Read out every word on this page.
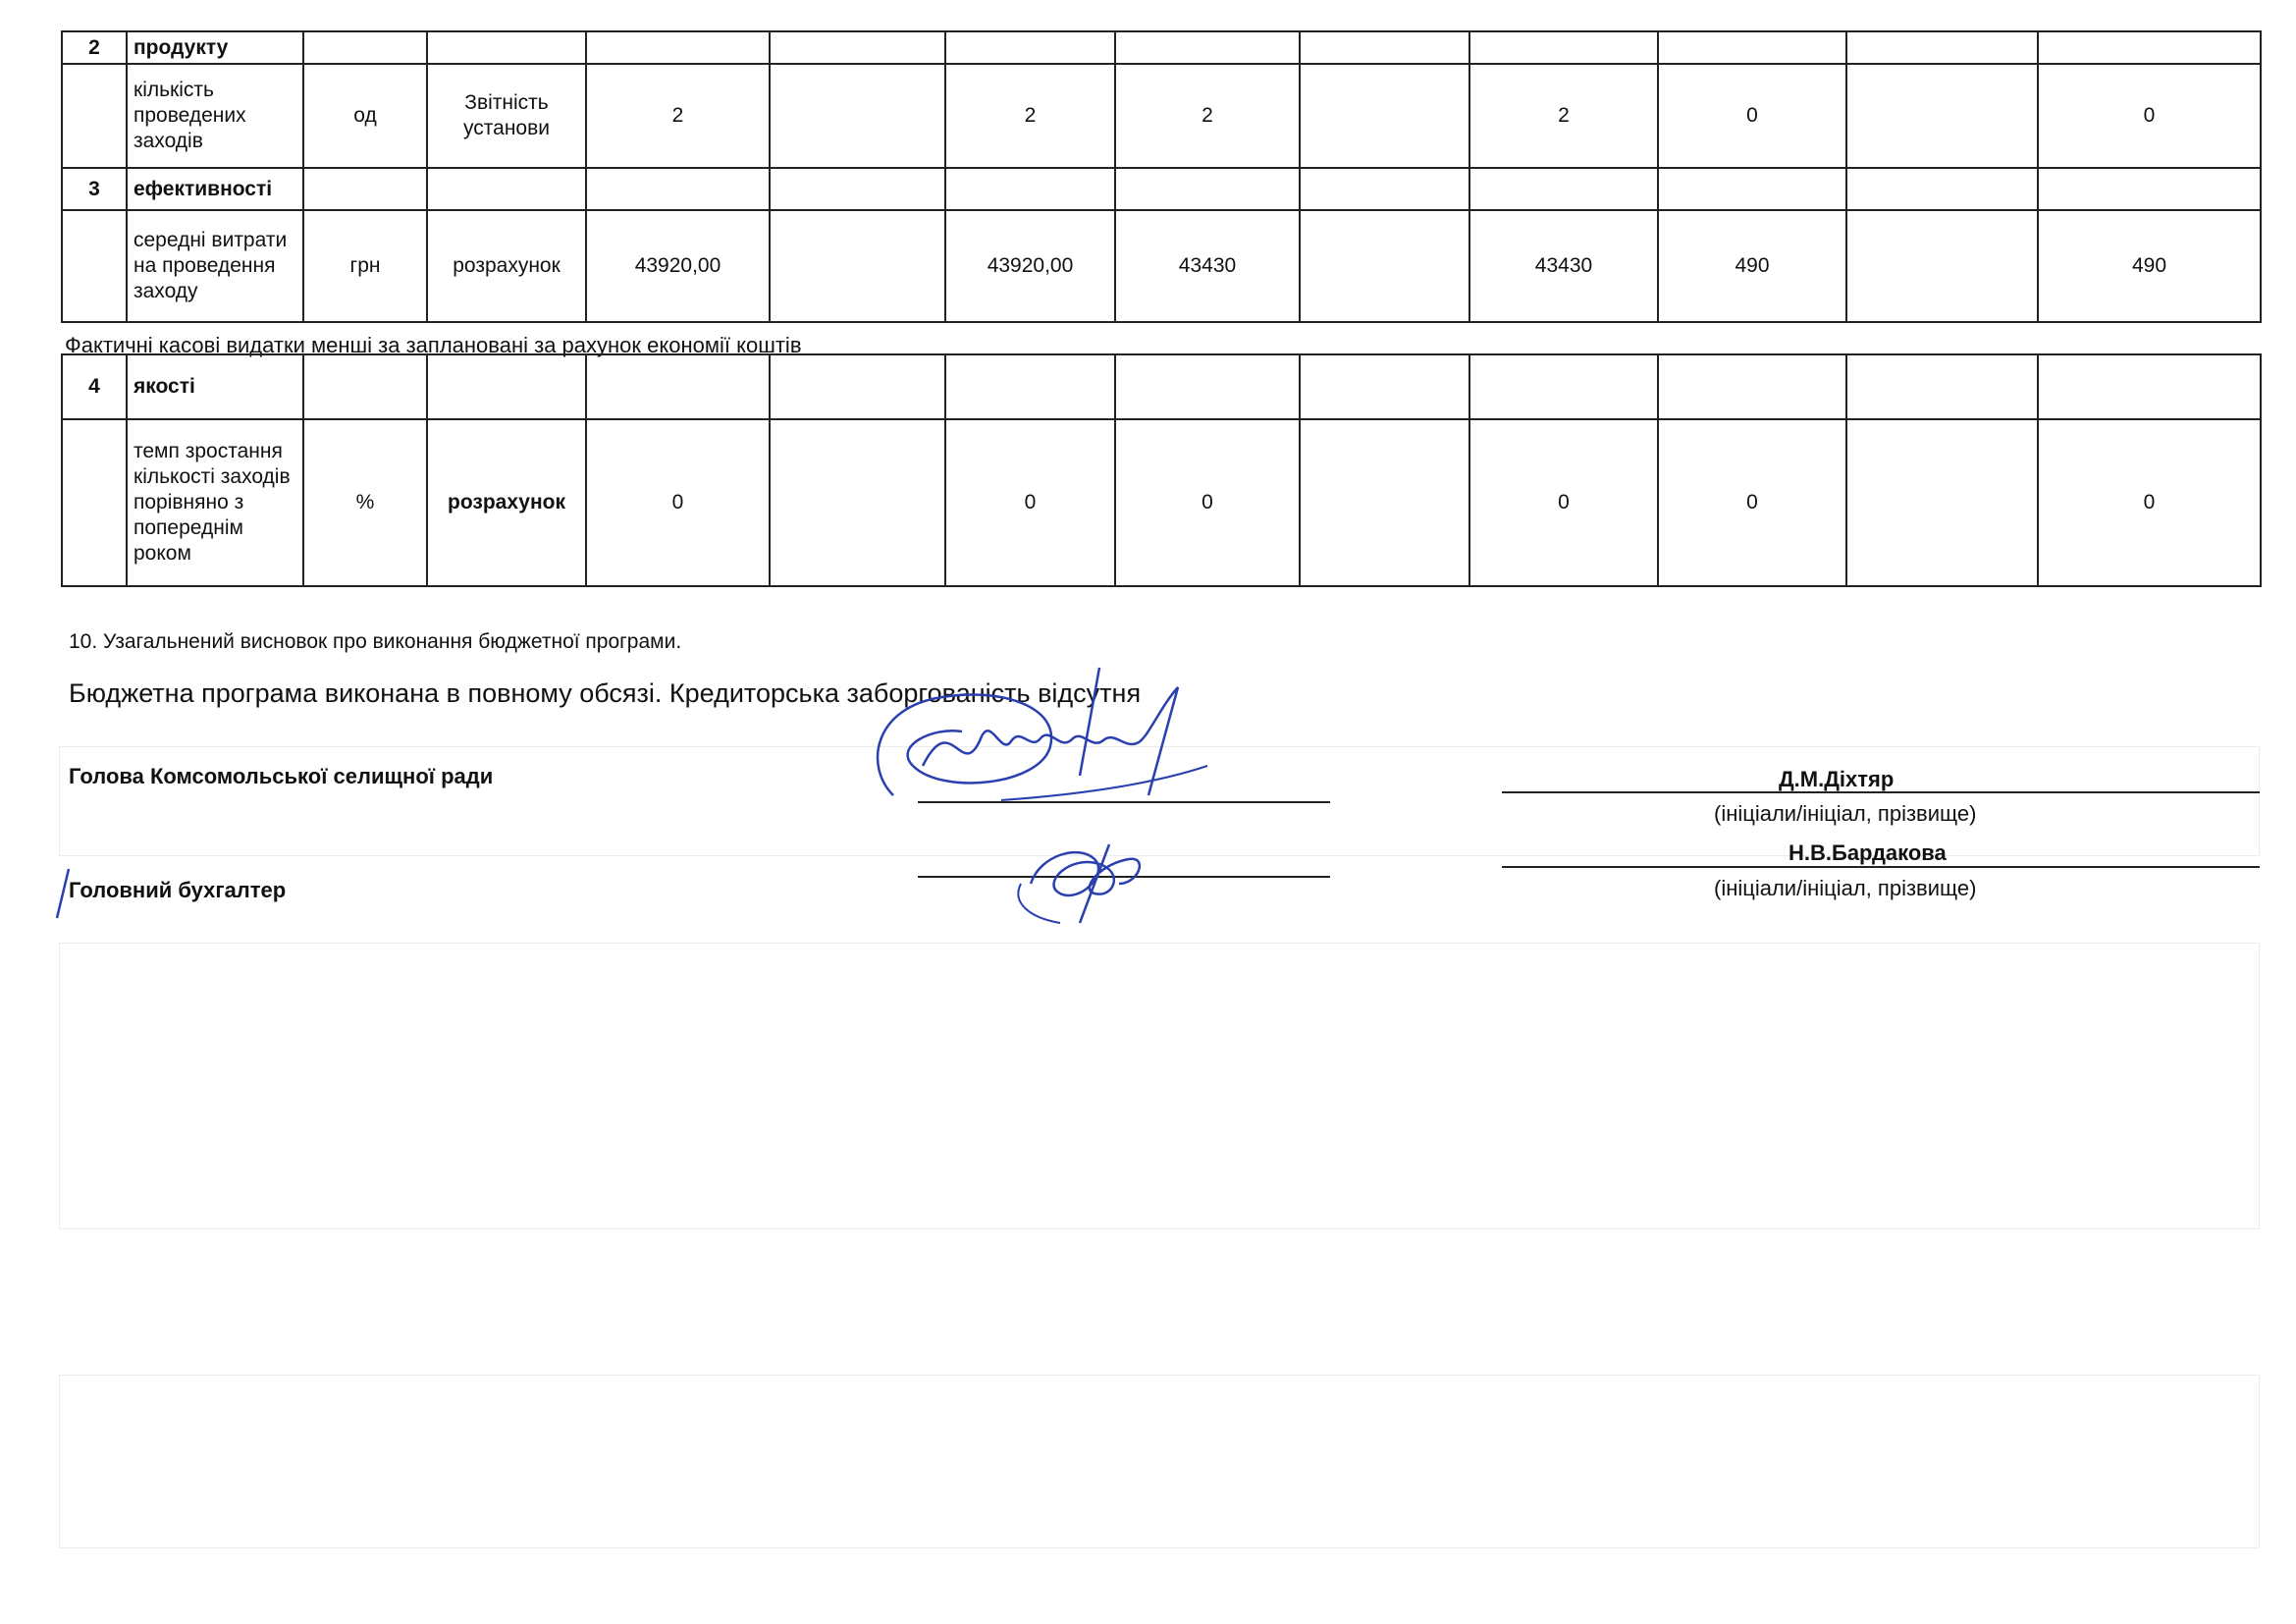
2	продукту											
	кількість проведених заходів	од	Звітність установи	2		2	2		2	0		0
3	ефективності											
	середні витрати на проведення заходу	грн	розрахунок	43920,00		43920,00	43430		43430	490		490
Фактичні касові видатки менші за заплановані за рахунок економії коштів
4	якості											
	темп зростання кількості заходів порівняно з попереднім роком	%	розрахунок	0		0	0		0	0		0
10. Узагальнений висновок про виконання бюджетної програми.
Бюджетна програма виконана в повному обсязі. Кредиторська заборгованість відсутня
Голова Комсомольської селищної ради	Д.М.Діхтяр
(ініціали/ініціал, прізвище)
Головний бухгалтер
Н.В.Бардакова
(ініціали/ініціал, прізвище)
